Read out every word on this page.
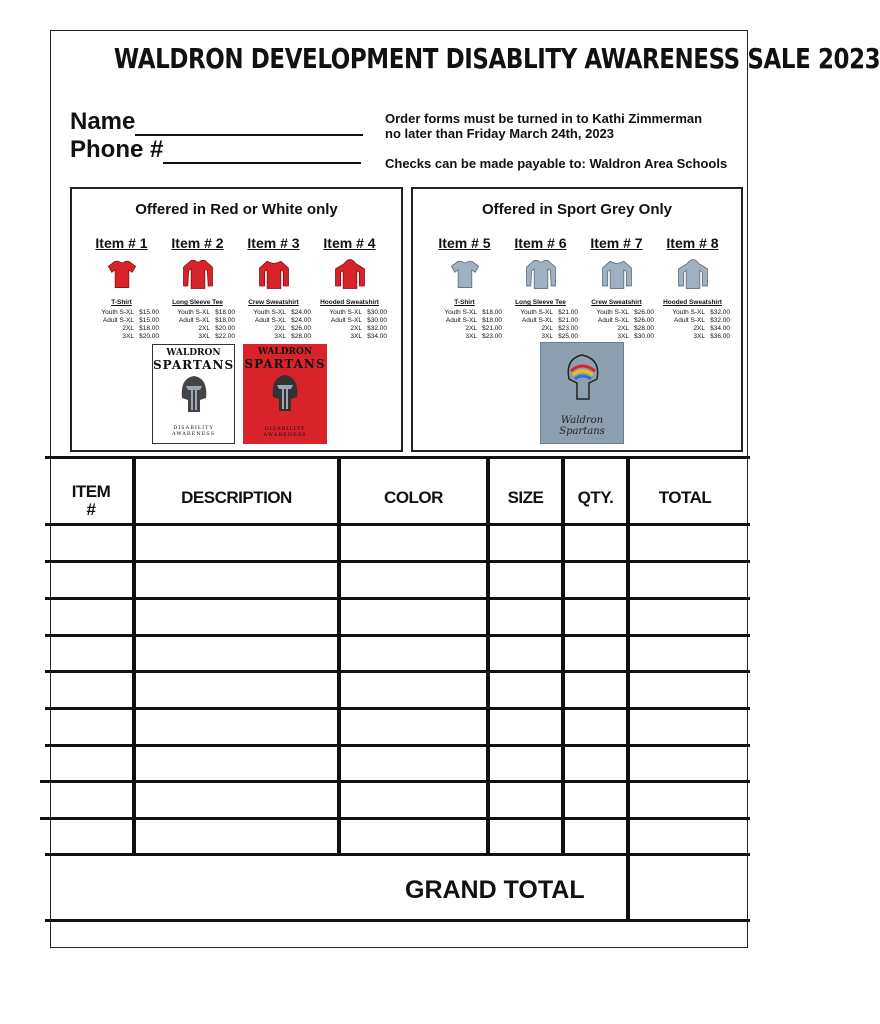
WALDRON DEVELOPMENT DISABLITY AWARENESS SALE 2023
Name
Phone #
Order forms must be turned in to Kathi Zimmerman
no later than Friday March 24th, 2023
Checks can be made payable to: Waldron Area Schools
Offered in Red or White only
Item # 1
T-Shirt
Youth S-XL $15.00
Adult S-XL $15.00
2XL $18.00
3XL $20.00
Item # 2
Long Sleeve Tee
Youth S-XL $18.00
Adult S-XL $18.00
2XL $20.00
3XL $22.00
Item # 3
Crew Sweatshirt
Youth S-XL $24.00
Adult S-XL $24.00
2XL $26.00
3XL $28.00
Item # 4
Hooded Sweatshirt
Youth S-XL $30.00
Adult S-XL $30.00
2XL $32.00
3XL $34.00
WALDRON
SPARTANS
DISABILITY AWARENESS
WALDRON
SPARTANS
DISABILITY AWARENESS
Offered in Sport Grey Only
Item # 5
T-Shirt
Youth S-XL $18.00
Adult S-XL $18.00
2XL $21.00
3XL $23.00
Item # 6
Long Sleeve Tee
Youth S-XL $21.00
Adult S-XL $21.00
2XL $23.00
3XL $25.00
Item # 7
Crew Sweatshirt
Youth S-XL $26.00
Adult S-XL $26.00
2XL $28.00
3XL $30.00
Item # 8
Hooded Sweatshirt
Youth S-XL $32.00
Adult S-XL $32.00
2XL $34.00
3XL $36.00
Waldron Spartans
ITEM
#
DESCRIPTION	COLOR	SIZE	QTY.	TOTAL
GRAND TOTAL
